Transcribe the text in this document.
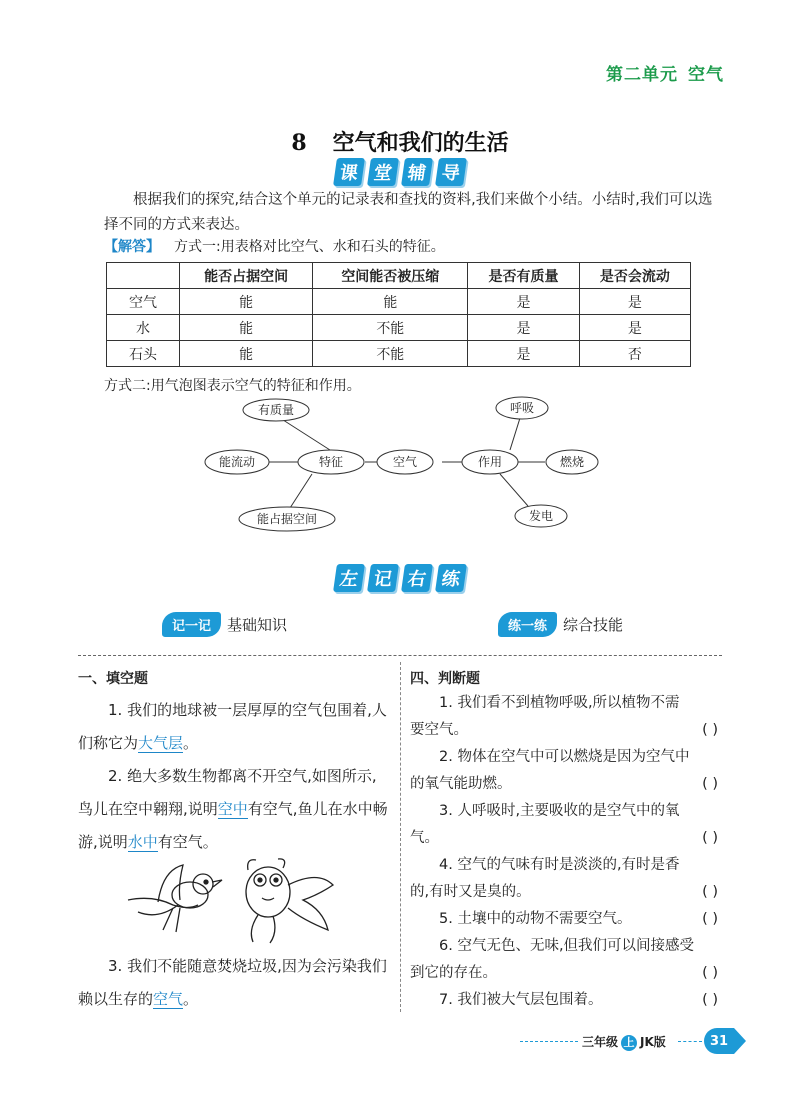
第二单元 空气
8 空气和我们的生活
课 堂 辅 导
根据我们的探究,结合这个单元的记录表和查找的资料,我们来做个小结。小结时,我们可以选择不同的方式来表达。
【解答】 方式一:用表格对比空气、水和石头的特征。
	能否占据空间	空间能否被压缩	是否有质量	是否会流动
空气	能	能	是	是
水	能	不能	是	是
石头	能	不能	是	否
方式二:用气泡图表示空气的特征和作用。
特征	空气	作用
有质量
能流动
能占据空间
呼吸
燃烧
发电
左 记 右 练
记一记	基础知识	练一练	综合技能
一、填空题
1. 我们的地球被一层厚厚的空气包围着,人们称它为大气层。
2. 绝大多数生物都离不开空气,如图所示,鸟儿在空中翱翔,说明空中有空气,鱼儿在水中畅游,说明水中有空气。
3. 我们不能随意焚烧垃圾,因为会污染我们赖以生存的空气。
四、判断题
1. 我们看不到植物呼吸,所以植物不需
要空气。	( )
2. 物体在空气中可以燃烧是因为空气中
的氧气能助燃。	( )
3. 人呼吸时,主要吸收的是空气中的氧
气。	( )
4. 空气的气味有时是淡淡的,有时是香
的,有时又是臭的。	( )
5. 土壤中的动物不需要空气。	( )
6. 空气无色、无味,但我们可以间接感受
到它的存在。	( )
7. 我们被大气层包围着。	( )
三年级 上 JK版	31
